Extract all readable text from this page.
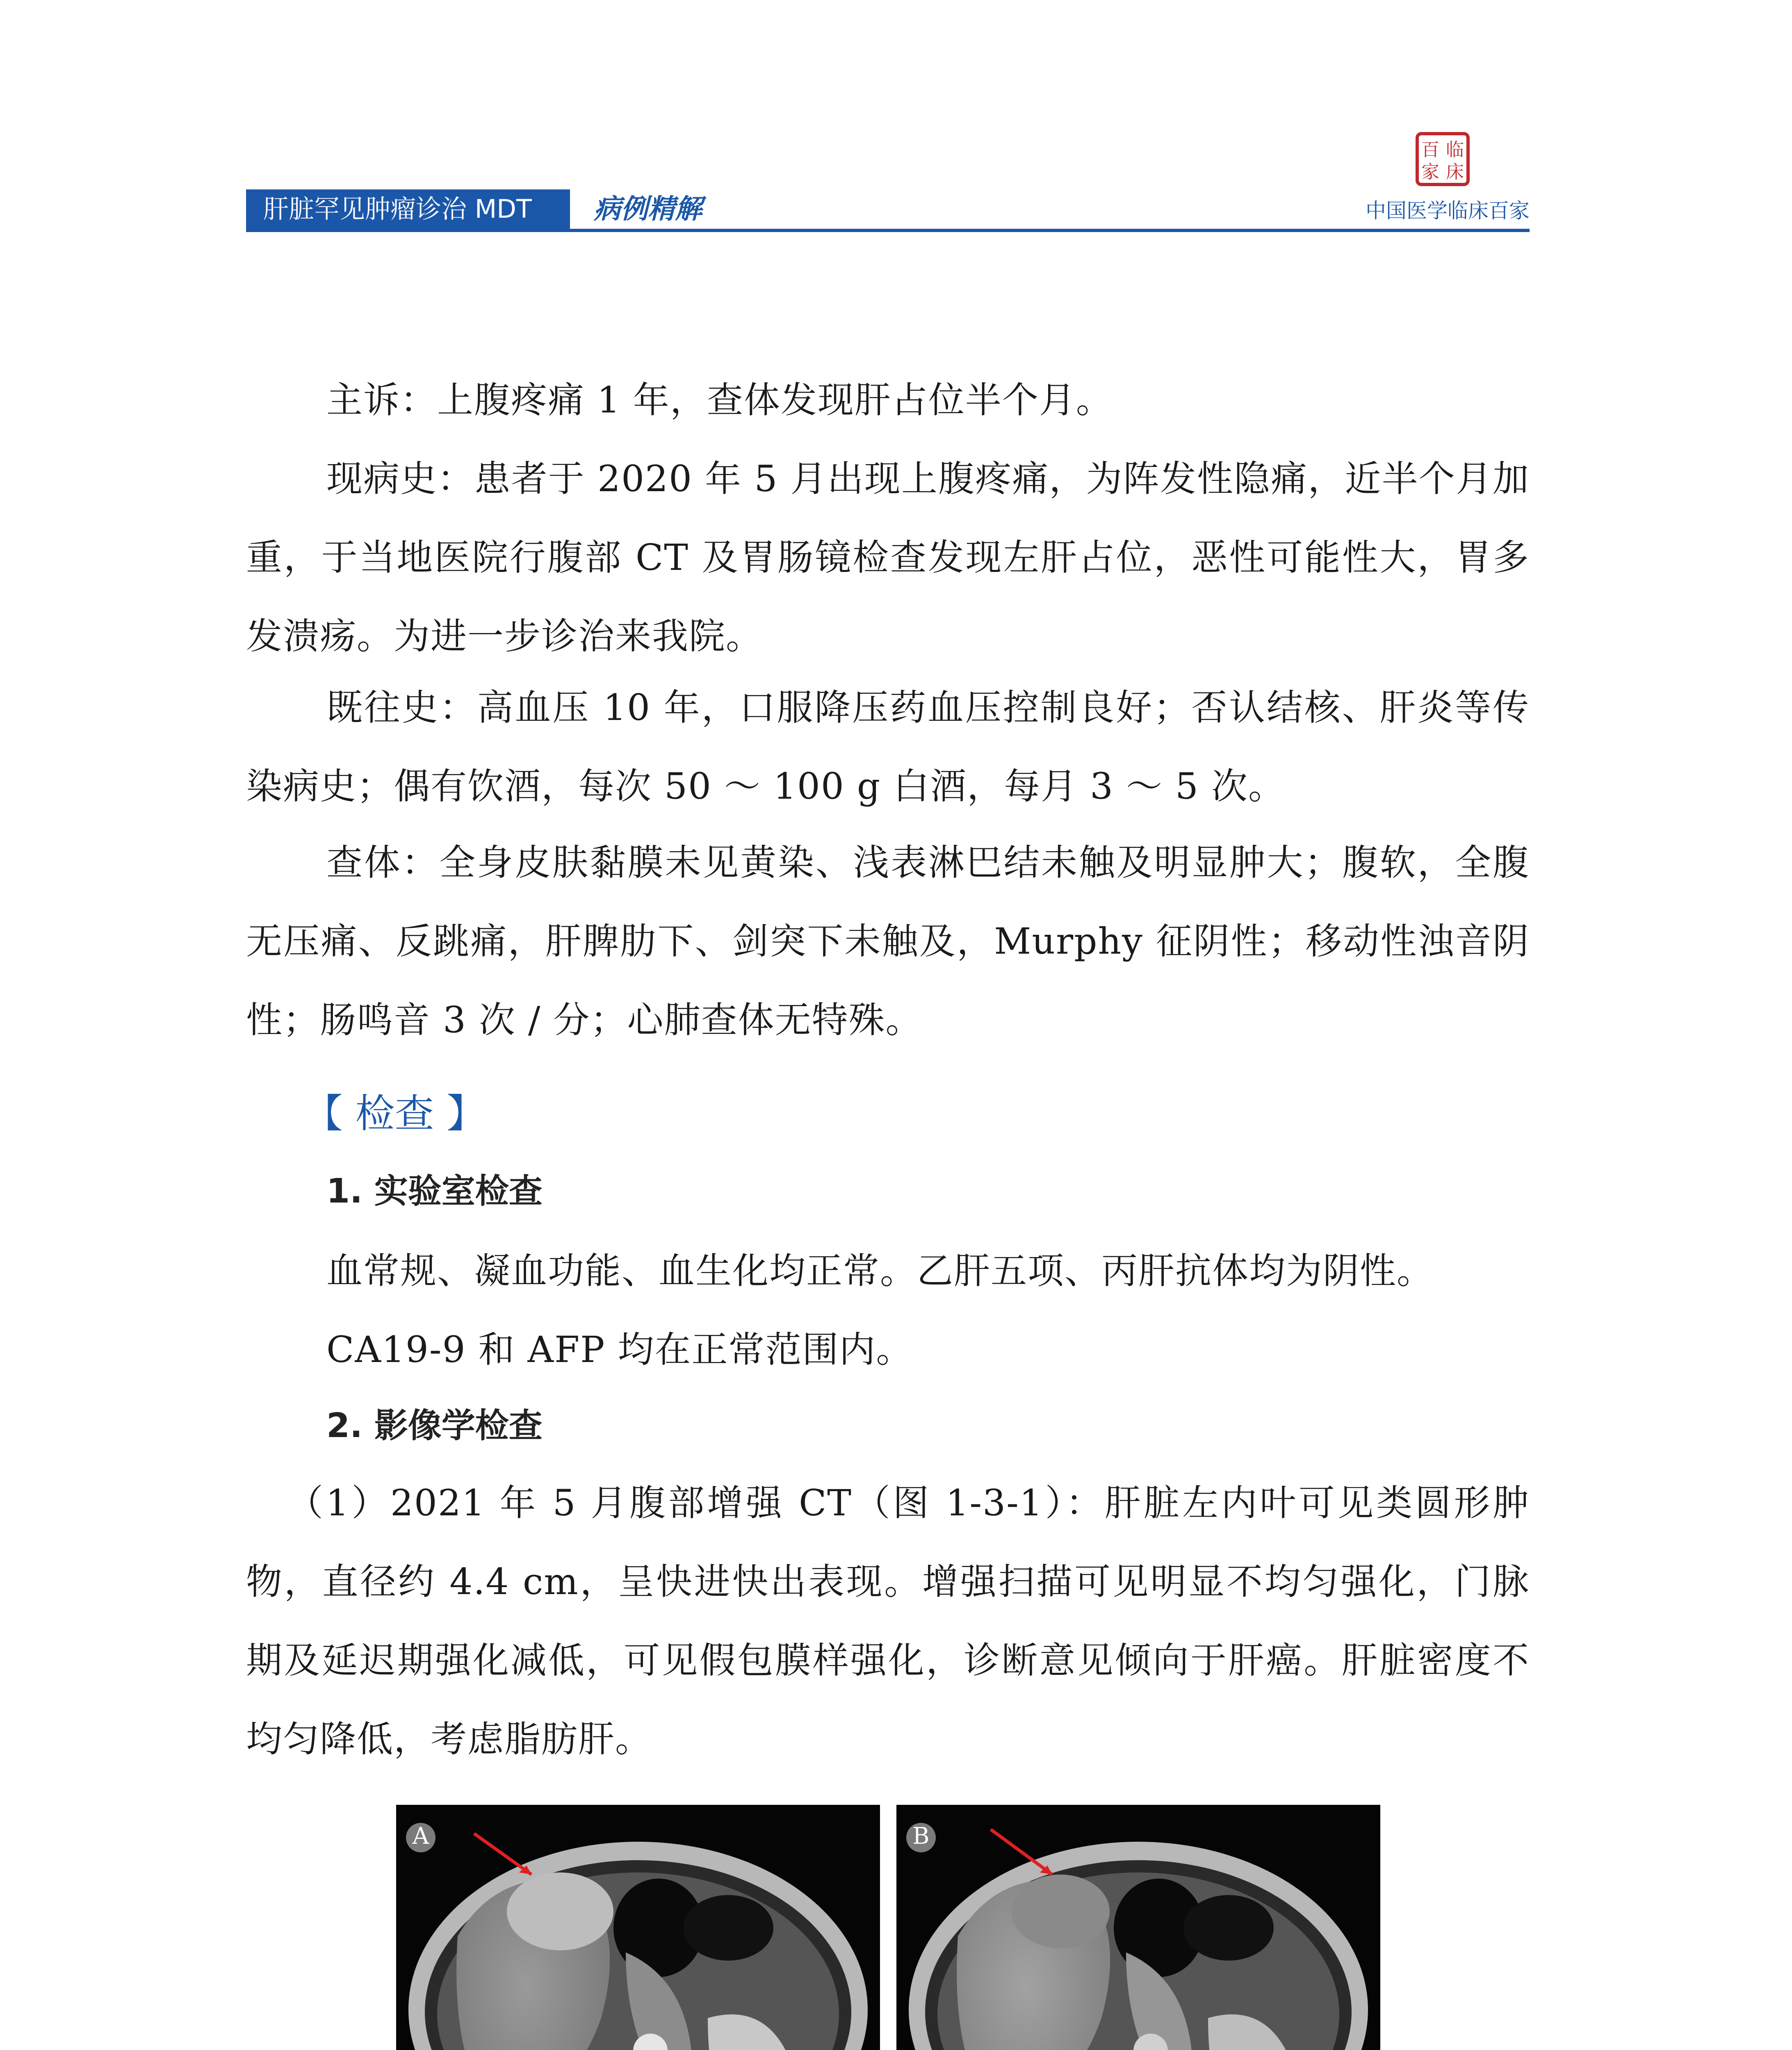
百 临
家 床
肝脏罕见肿瘤诊治 MDT	病例精解	中国医学临床百家
主诉：上腹疼痛 1 年，查体发现肝占位半个月。
现病史：患者于 2020 年 5 月出现上腹疼痛，为阵发性隐痛，近半个月加重，于当地医院行腹部 CT 及胃肠镜检查发现左肝占位，恶性可能性大，胃多发溃疡。为进一步诊治来我院。
既往史：高血压 10 年，口服降压药血压控制良好；否认结核、肝炎等传染病史；偶有饮酒，每次 50 ～ 100 g 白酒，每月 3 ～ 5 次。
查体：全身皮肤黏膜未见黄染、浅表淋巴结未触及明显肿大；腹软，全腹无压痛、反跳痛，肝脾肋下、剑突下未触及，Murphy 征阴性；移动性浊音阴性；肠鸣音 3 次 / 分；心肺查体无特殊。
【 检查 】
1. 实验室检查
血常规、凝血功能、血生化均正常。乙肝五项、丙肝抗体均为阴性。
CA19-9 和 AFP 均在正常范围内。
2. 影像学检查
（1）2021 年 5 月腹部增强 CT（图 1-3-1）：肝脏左内叶可见类圆形肿物，直径约 4.4 cm，呈快进快出表现。增强扫描可见明显不均匀强化，门脉期及延迟期强化减低，可见假包膜样强化，诊断意见倾向于肝癌。肝脏密度不均匀降低，考虑脂肪肝。
A	B
